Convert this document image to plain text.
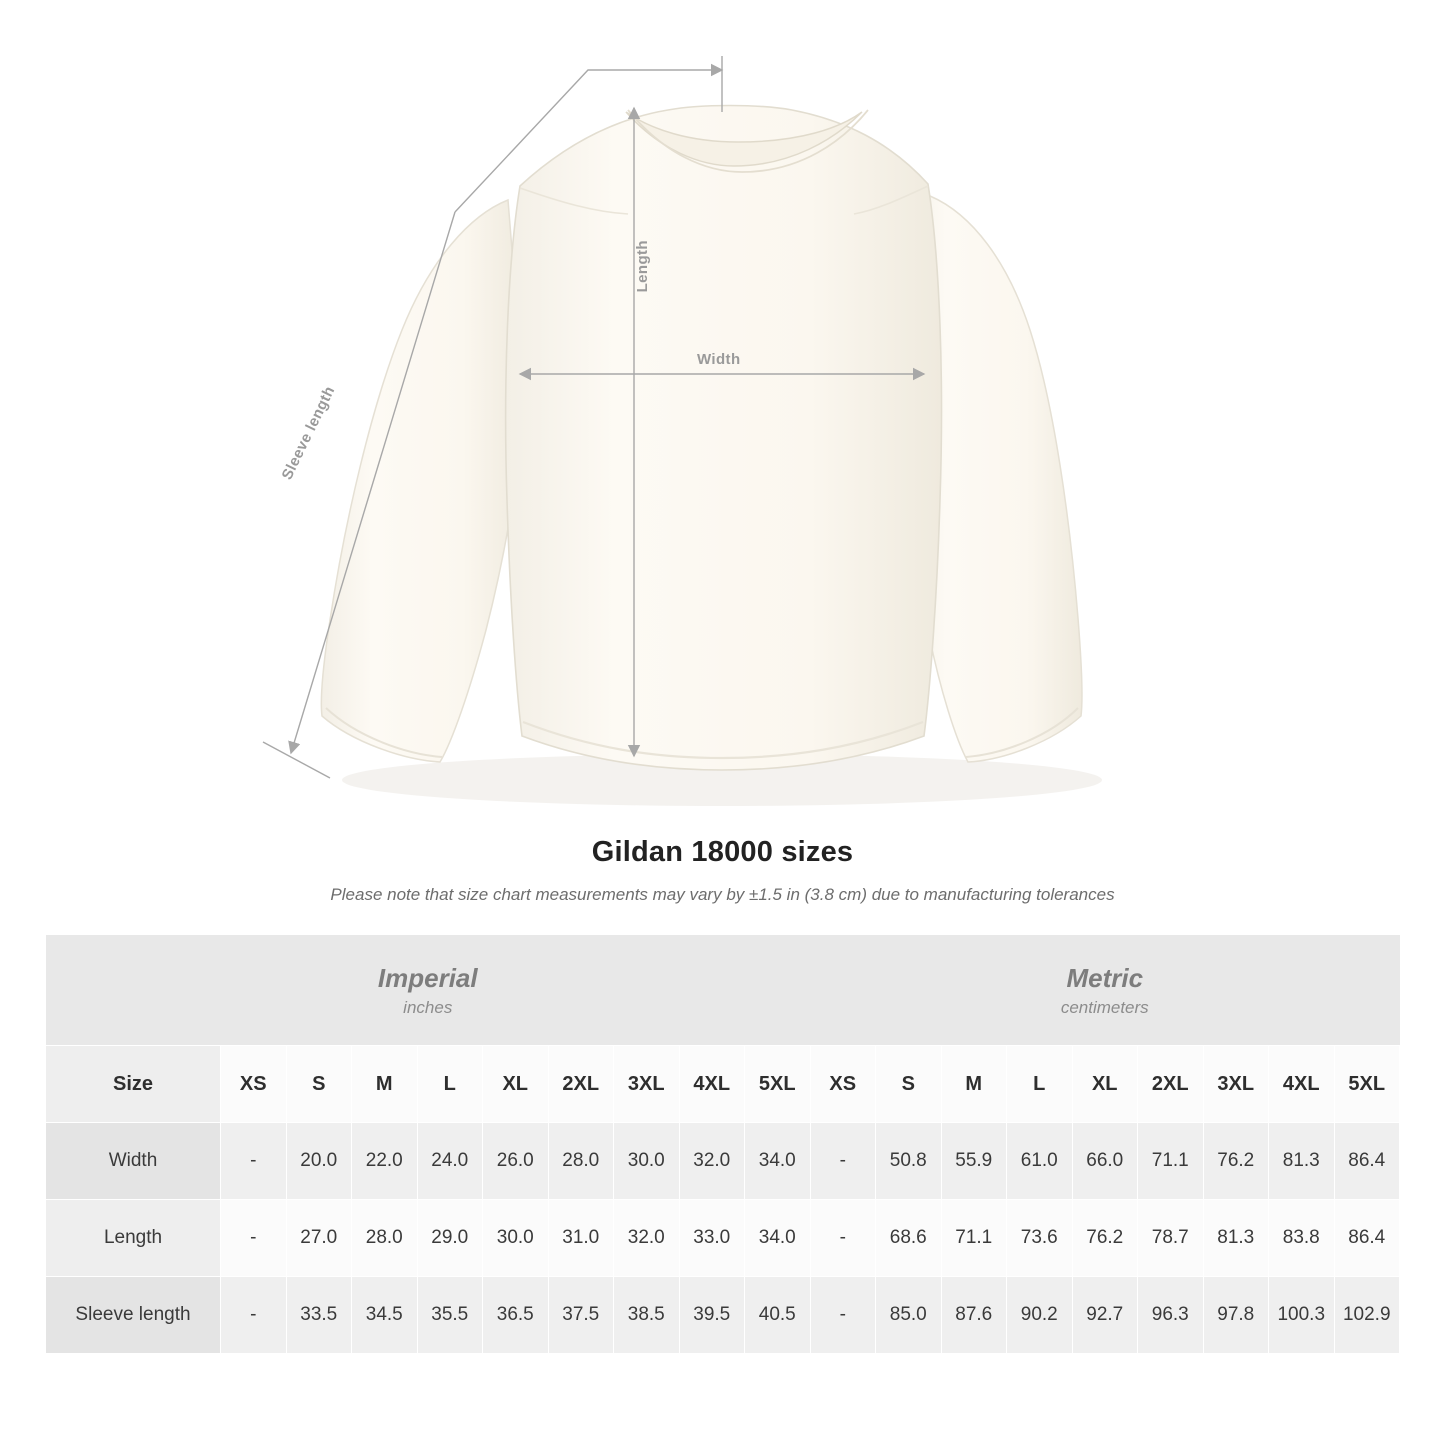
Length
Width
Sleeve length
Gildan 18000 sizes
Please note that size chart measurements may vary by ±1.5 in (3.8 cm) due to manufacturing tolerances
Imperial
inches										Metric
centimeters								

Size	XS	S	M	L	XL	2XL	3XL	4XL	5XL	XS	S	M	L	XL	2XL	3XL	4XL	5XL
Width	-	20.0	22.0	24.0	26.0	28.0	30.0	32.0	34.0	-	50.8	55.9	61.0	66.0	71.1	76.2	81.3	86.4
Length	-	27.0	28.0	29.0	30.0	31.0	32.0	33.0	34.0	-	68.6	71.1	73.6	76.2	78.7	81.3	83.8	86.4
Sleeve length	-	33.5	34.5	35.5	36.5	37.5	38.5	39.5	40.5	-	85.0	87.6	90.2	92.7	96.3	97.8	100.3	102.9
